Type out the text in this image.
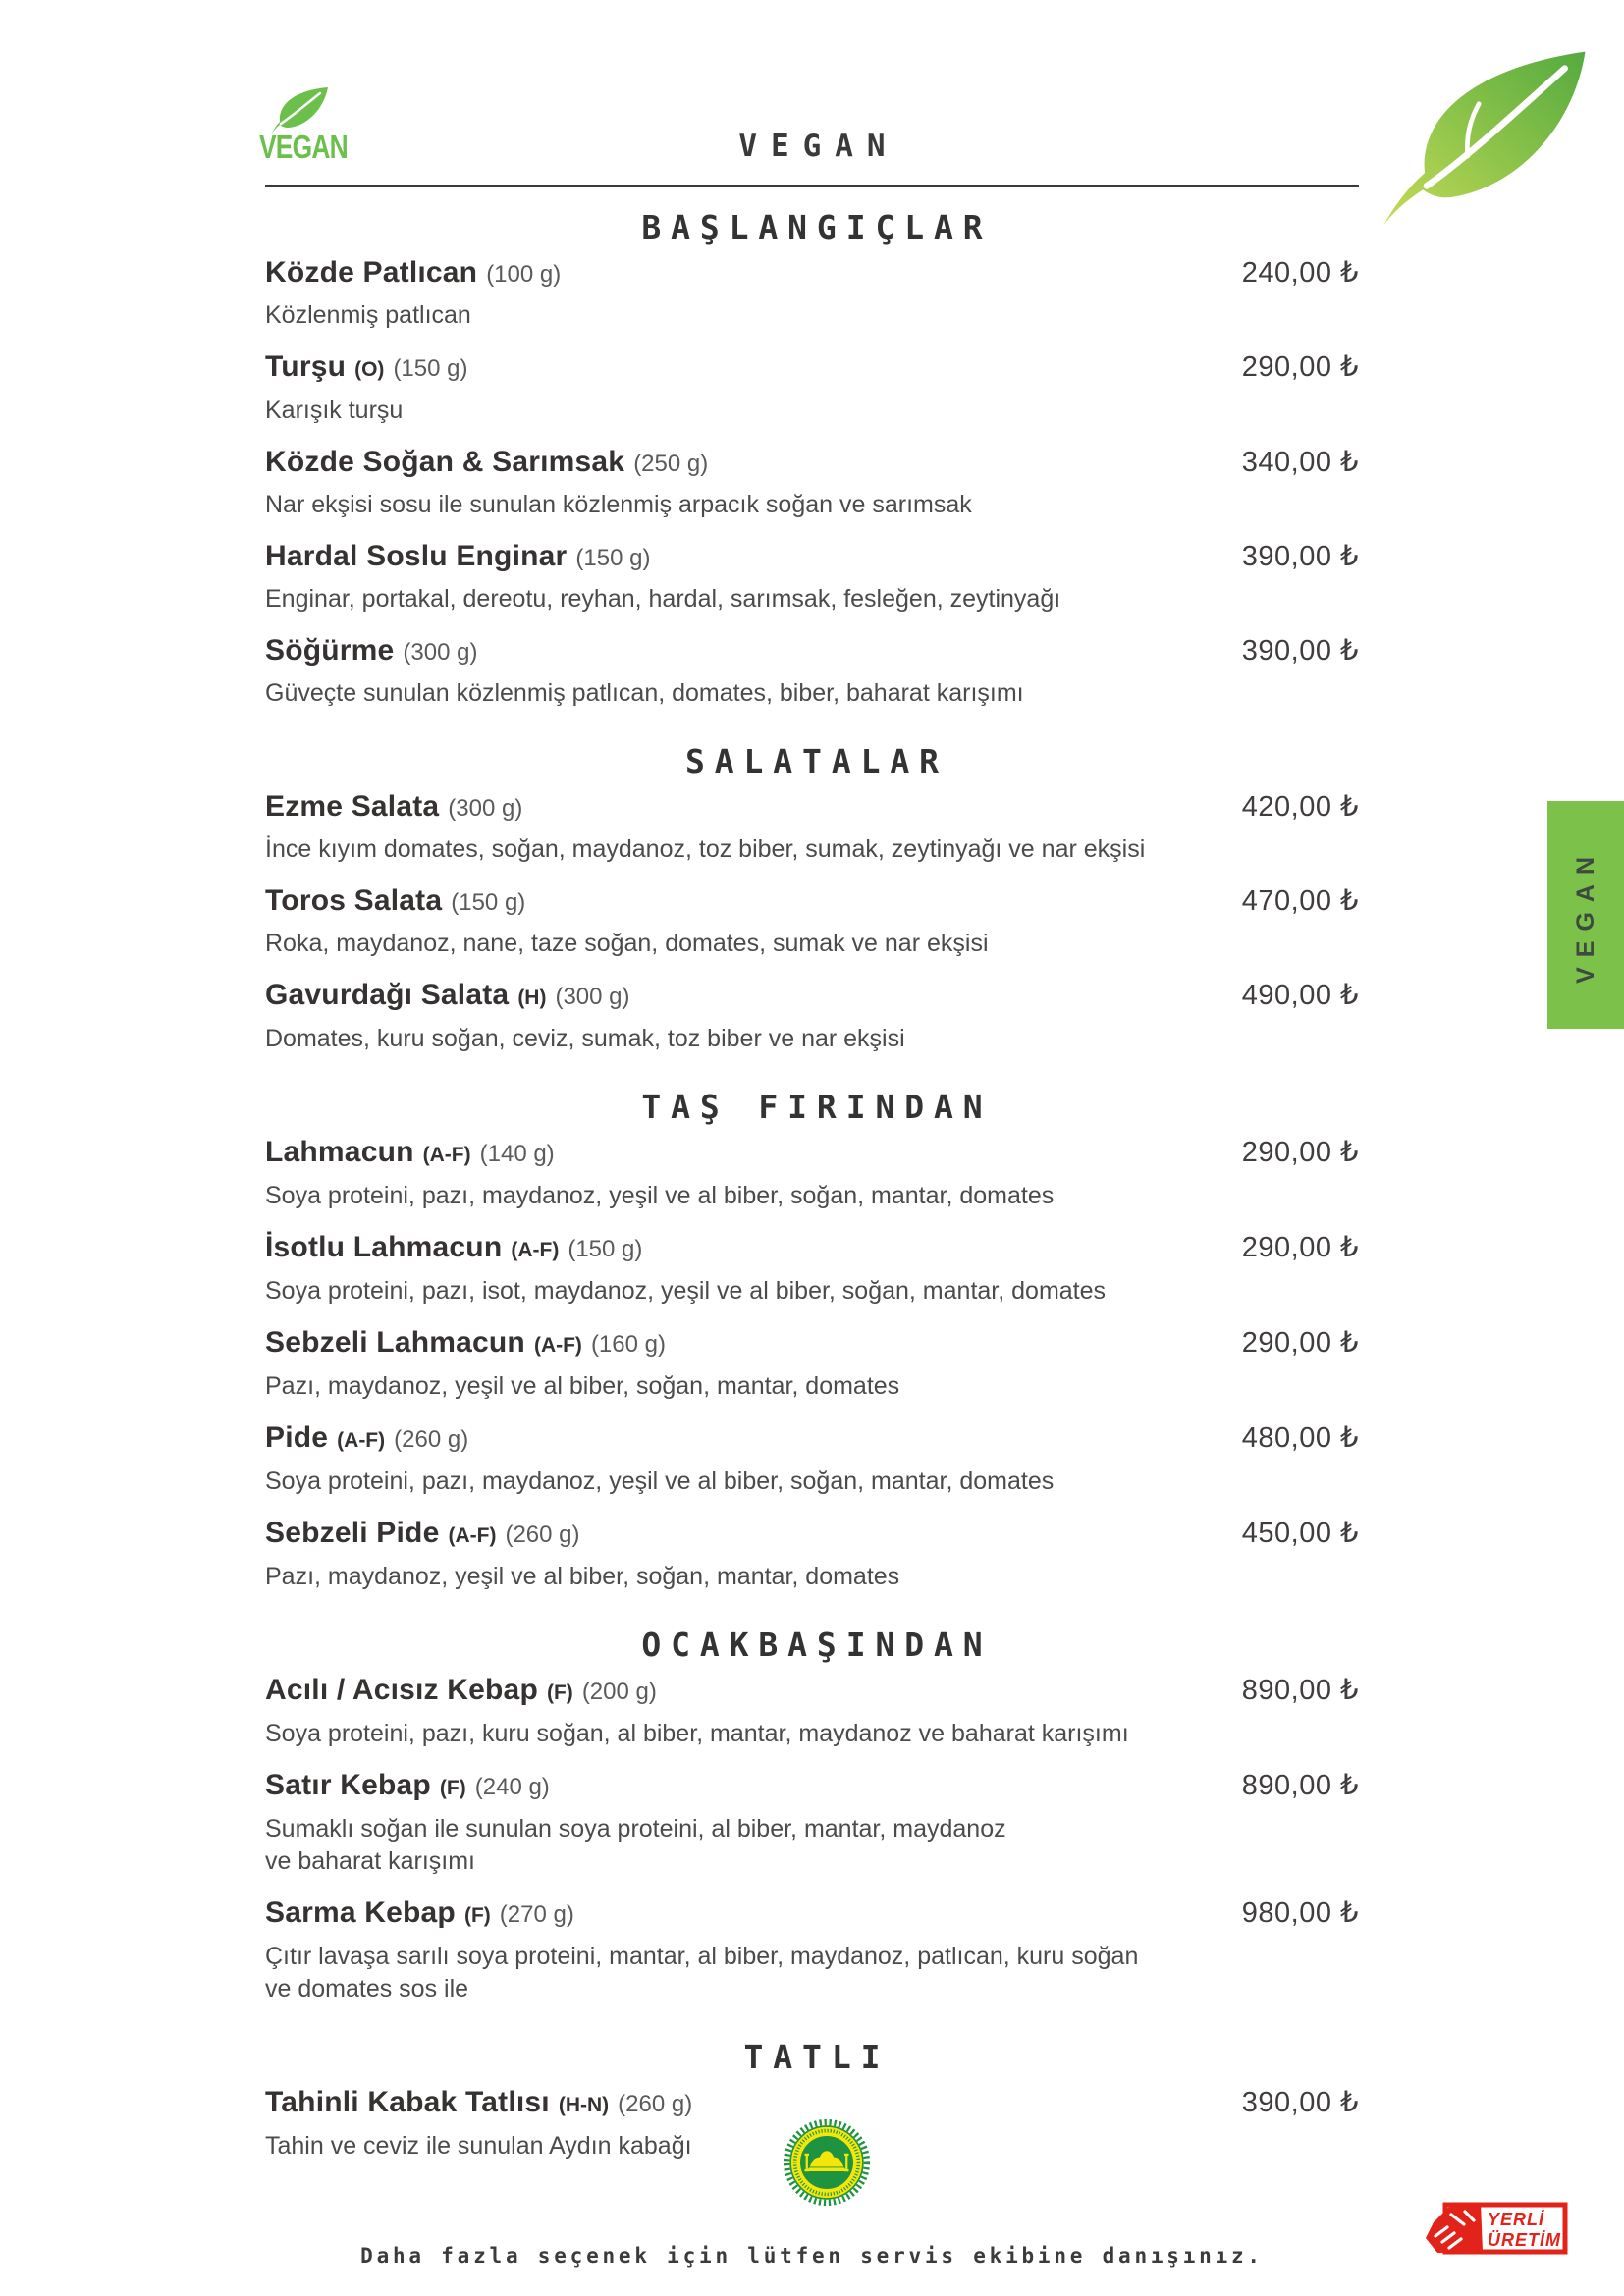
VEGAN	VEGAN
BAŞLANGIÇLAR
Közde Patlıcan (100 g)	240,00 ₺
Közlenmiş patlıcan
Turşu (O) (150 g)	290,00 ₺
Karışık turşu
Közde Soğan & Sarımsak (250 g)	340,00 ₺
Nar ekşisi sosu ile sunulan közlenmiş arpacık soğan ve sarımsak
Hardal Soslu Enginar (150 g)	390,00 ₺
Enginar, portakal, dereotu, reyhan, hardal, sarımsak, fesleğen, zeytinyağı
Söğürme (300 g)	390,00 ₺
Güveçte sunulan közlenmiş patlıcan, domates, biber, baharat karışımı
SALATALAR
Ezme Salata (300 g)	420,00 ₺
İnce kıyım domates, soğan, maydanoz, toz biber, sumak, zeytinyağı ve nar ekşisi
Toros Salata (150 g)	470,00 ₺
Roka, maydanoz, nane, taze soğan, domates, sumak ve nar ekşisi
Gavurdağı Salata (H) (300 g)	490,00 ₺
Domates, kuru soğan, ceviz, sumak, toz biber ve nar ekşisi
TAŞ FIRINDAN
Lahmacun (A-F) (140 g)	290,00 ₺
Soya proteini, pazı, maydanoz, yeşil ve al biber, soğan, mantar, domates
İsotlu Lahmacun (A-F) (150 g)	290,00 ₺
Soya proteini, pazı, isot, maydanoz, yeşil ve al biber, soğan, mantar, domates
Sebzeli Lahmacun (A-F) (160 g)	290,00 ₺
Pazı, maydanoz, yeşil ve al biber, soğan, mantar, domates
Pide (A-F) (260 g)	480,00 ₺
Soya proteini, pazı, maydanoz, yeşil ve al biber, soğan, mantar, domates
Sebzeli Pide (A-F) (260 g)	450,00 ₺
Pazı, maydanoz, yeşil ve al biber, soğan, mantar, domates
OCAKBAŞINDAN
Acılı / Acısız Kebap (F) (200 g)	890,00 ₺
Soya proteini, pazı, kuru soğan, al biber, mantar, maydanoz ve baharat karışımı
Satır Kebap (F) (240 g)	890,00 ₺
Sumaklı soğan ile sunulan soya proteini, al biber, mantar, maydanoz
ve baharat karışımı
Sarma Kebap (F) (270 g)	980,00 ₺
Çıtır lavaşa sarılı soya proteini, mantar, al biber, maydanoz, patlıcan, kuru soğan
ve domates sos ile
TATLI
Tahinli Kabak Tatlısı (H-N) (260 g)	390,00 ₺
Tahin ve ceviz ile sunulan Aydın kabağı
VEGAN
Daha fazla seçenek için lütfen servis ekibine danışınız.
YERLİ
ÜRETİM
